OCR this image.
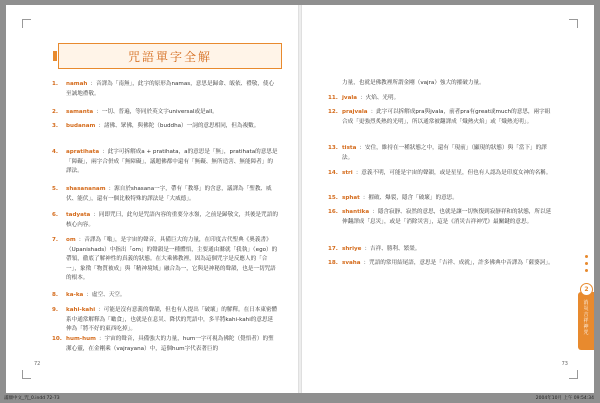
咒語單字全解
1. namah ：音譯為「南無」，此字的原形為namas，意思是歸命、皈依、禮敬，使心至誠地禮敬。
2. samanta ：一切、普遍，等同於英文字universal或是all。
3. budanam ：諸佛、眾佛，與佛陀（buddha）一詞的意思相同，但為複數。
4. apratihata ：此字可拆解成a + pratihata，a的意思是「無」，pratihata的意思是「障礙」，兩字合併成「無障礙」，議題佛都中還有「無礙、無所造害、無能障者」的譯法。
5. shasananam ：源自於shasana一字，帶有「教導」的含意，議譯為「聖教、威伏、能伏」，還有一個比較特殊的譯法是「大威德」。
6. tadyata ：同即咒曰，此句是咒語內容的重要分水嶺，之前是歸敬文，其後是咒語的核心內容。
7. om ：音譯為「嗡」，是宇宙的聲音，具備巨大的力量，在印度古代聖典《奧義書》（Upanishads）中指出「om」的聲韻是一種體悟，主要通由滌就「我執」（ego）的帶領，徹底了解神性的真義的狀態。在大乘佛教裡，固為這個咒字是反應人的「合一」，象徵「物質被成」與「精神境域」融合為一，它與是神秘的聲韻，也是一切咒語的根本。
8. ka-ka ：虛空、天空。
9. kahi-kahi ：可能是沒有意義的聲韻，但也有人提出「破壞」的解釋。在日本東密體系中通常解釋為「噉食」，也就是在息災、降伏的咒語中，多半將kahi-kahi的意思延伸為「將不好的東西吃掉」。
10. hum-hum ：宇宙的聲音，具備強大的力量，hum一字可視為佛陀（覺悟者）的聖潔心靈，在金剛乘（vajrayana）中，這個hum字代表著巨的
72
力量，也就是佛教裡所謂金剛（vajra）強大的摧破力量。
11. jvala ：火焰、光明。
12. prajvala ：此字可以拆解成pra與jvala，前者pra有great或much的意思，兩字組合成「更強烈炙熱的光明」，所以通常被翻譯成「熾熱火焰」或「熾熱光明」。
13. tista ：安住，維持在一種狀態之中，還有「現前」（顯現的狀態）與「當下」的譯法。
14. stri ：意義不明，可能是宇宙的聲韻，或是星星，但也有人認為是印度女神的名稱。
15. sphat ：摧破、爆裂，隱含「破壞」的意思。
16. shantika ：隱含寂靜、寂然的意思，也就是讓一切恢復到寂靜祥和的狀態，所以延伸翻譯成「息災」，或是「消除災害」，這是《消災吉祥神咒》最關鍵的意思。
17. shriye ：吉祥、勝利、繁榮。
18. svaha ：咒語的常用結尾語，意思是「吉祥、成就」，許多佛典中音譯為「薩婆訶」。
2
消災吉祥神咒
73
滿願中文_咒_0.indd 72-73	2004年10月 上午 09:54:34
